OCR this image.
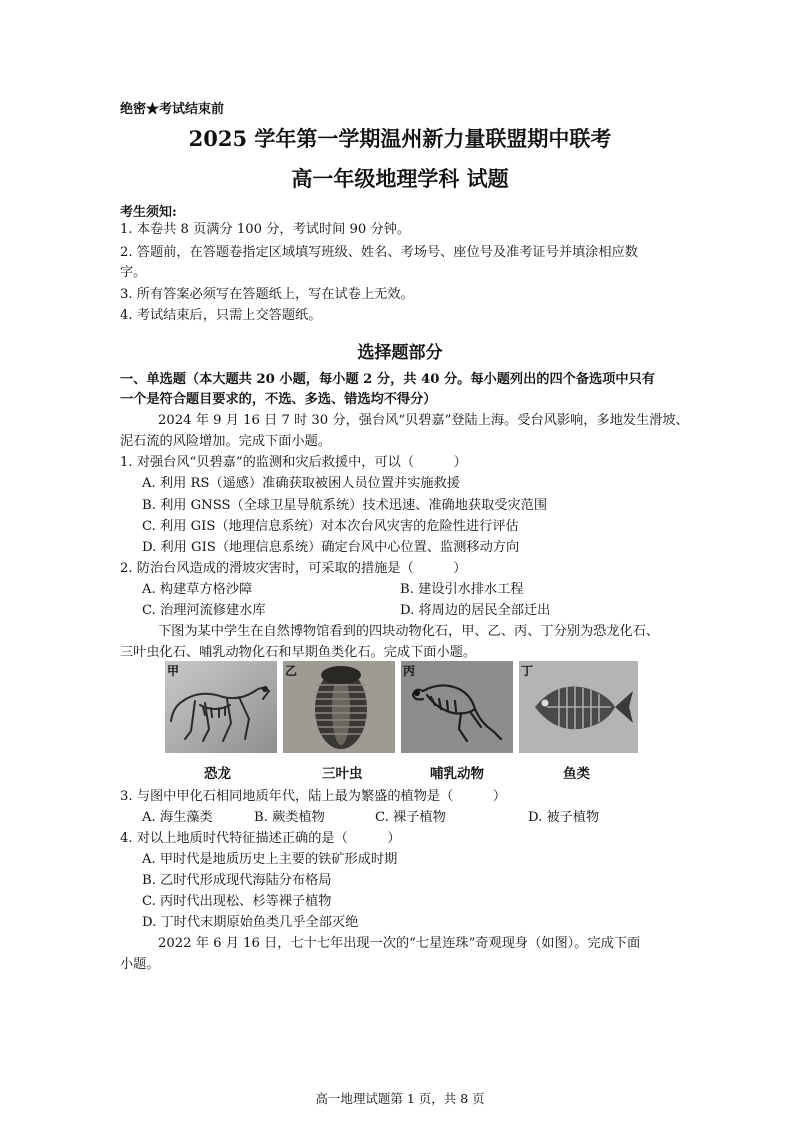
绝密★考试结束前
2025 学年第一学期温州新力量联盟期中联考
高一年级地理学科 试题
考生须知:
1. 本卷共 8 页满分 100 分，考试时间 90 分钟。
2. 答题前，在答题卷指定区域填写班级、姓名、考场号、座位号及准考证号并填涂相应数
字。
3. 所有答案必须写在答题纸上，写在试卷上无效。
4. 考试结束后，只需上交答题纸。
选择题部分
一、单选题（本大题共 20 小题，每小题 2 分，共 40 分。每小题列出的四个备选项中只有
一个是符合题目要求的，不选、多选、错选均不得分）
2024 年 9 月 16 日 7 时 30 分，强台风“贝碧嘉”登陆上海。受台风影响，多地发生滑坡、
泥石流的风险增加。完成下面小题。
1. 对强台风“贝碧嘉”的监测和灾后救援中，可以（　　　）
A. 利用 RS（遥感）准确获取被困人员位置并实施救援
B. 利用 GNSS（全球卫星导航系统）技术迅速、准确地获取受灾范围
C. 利用 GIS（地理信息系统）对本次台风灾害的危险性进行评估
D. 利用 GIS（地理信息系统）确定台风中心位置、监测移动方向
2. 防治台风造成的滑坡灾害时，可采取的措施是（　　　）
A. 构建草方格沙障	B. 建设引水排水工程
C. 治理河流修建水库	D. 将周边的居民全部迁出
下图为某中学生在自然博物馆看到的四块动物化石，甲、乙、丙、丁分别为恐龙化石、
三叶虫化石、哺乳动物化石和早期鱼类化石。完成下面小题。
甲	乙	丙	丁
恐龙	三叶虫	哺乳动物	鱼类
3. 与图中甲化石相同地质年代，陆上最为繁盛的植物是（　　　）
A. 海生藻类	B. 蕨类植物	C. 裸子植物	D. 被子植物
4. 对以上地质时代特征描述正确的是（　　　）
A. 甲时代是地质历史上主要的铁矿形成时期
B. 乙时代形成现代海陆分布格局
C. 丙时代出现松、杉等裸子植物
D. 丁时代末期原始鱼类几乎全部灭绝
2022 年 6 月 16 日，七十七年出现一次的“七星连珠”奇观现身（如图）。完成下面
小题。
高一地理试题第 1 页，共 8 页
